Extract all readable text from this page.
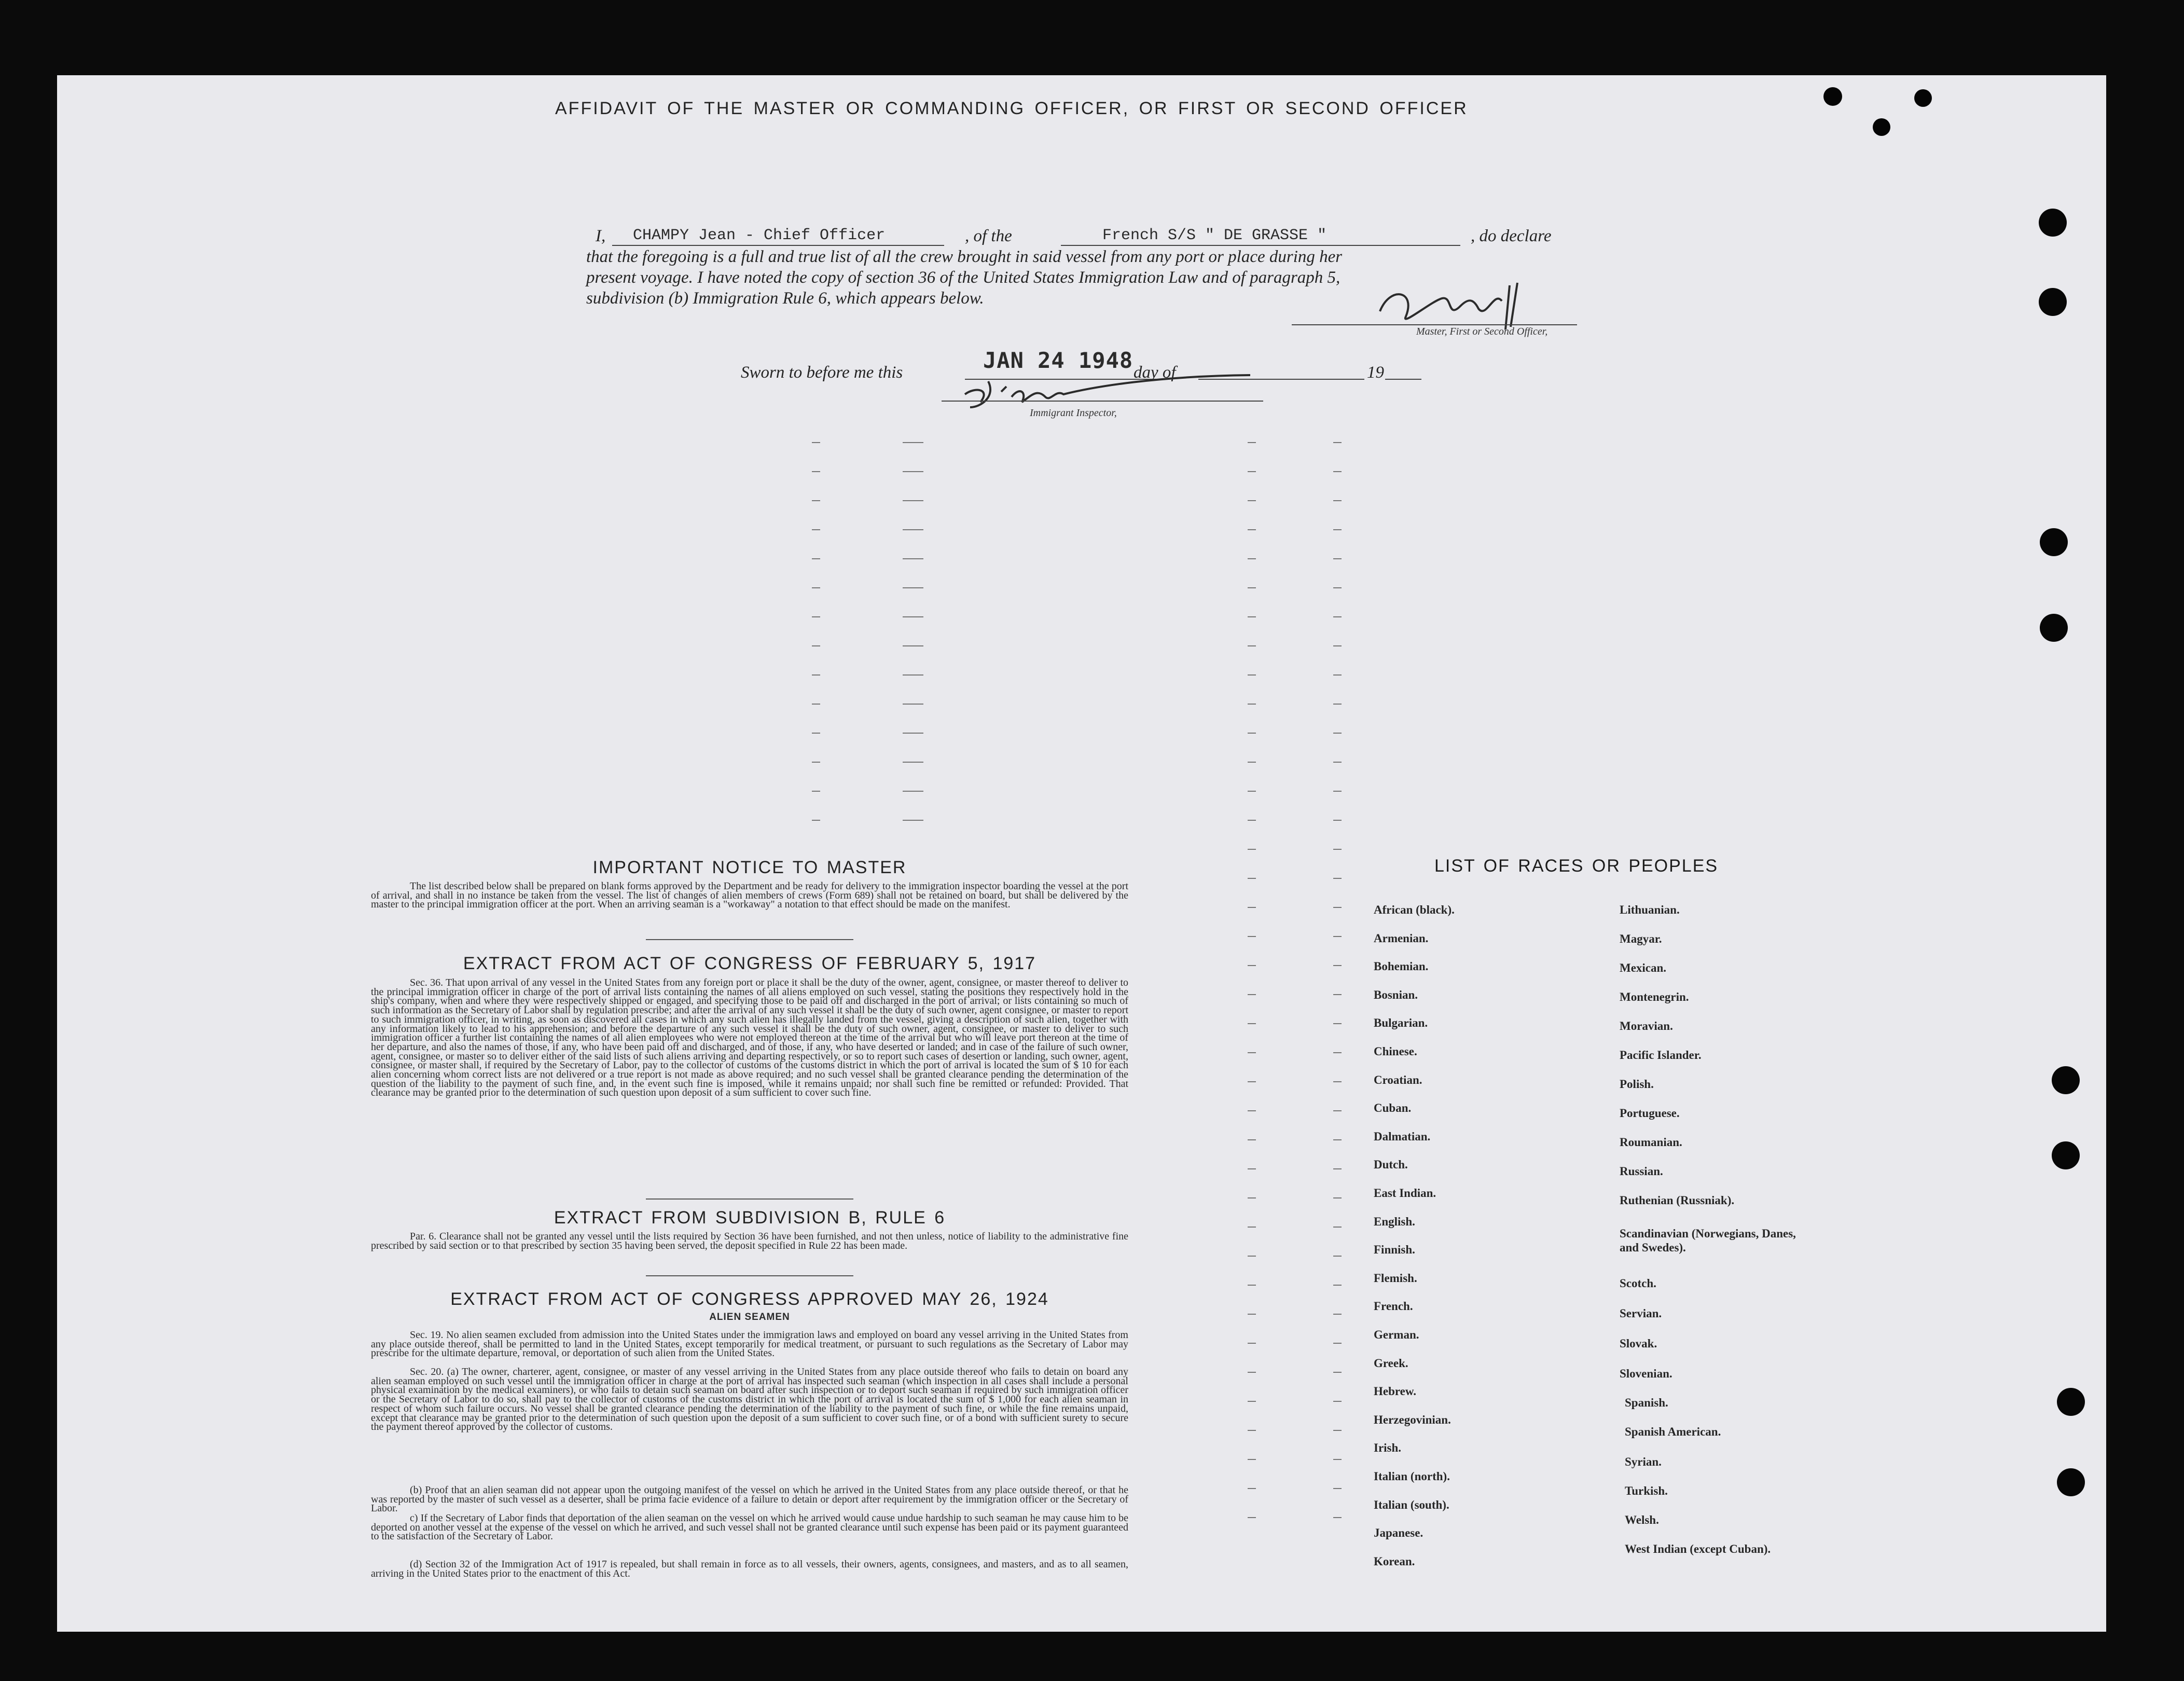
AFFIDAVIT OF THE MASTER OR COMMANDING OFFICER, OR FIRST OR SECOND OFFICER
I, CHAMPY Jean - Chief Officer	, of the	French S/S " DE GRASSE "	, do declare
that the foregoing is a full and true list of all the crew brought in said vessel from any port or place during her
present voyage. I have noted the copy of section 36 of the United States Immigration Law and of paragraph 5,
subdivision (b) Immigration Rule 6, which appears below.
Master, First or Second Officer,
Sworn to before me this	JAN 24 1948 day of	19
Immigrant Inspector,
IMPORTANT NOTICE TO MASTER
The list described below shall be prepared on blank forms approved by the Department and be ready for delivery to the immigration inspector boarding the vessel at the port of arrival, and shall in no instance be taken from the vessel. The list of changes of alien members of crews (Form 689) shall not be retained on board, but shall be delivered by the master to the principal immigration officer at the port. When an arriving seaman is a "workaway" a notation to that effect should be made on the manifest.
EXTRACT FROM ACT OF CONGRESS OF FEBRUARY 5, 1917
Sec. 36. That upon arrival of any vessel in the United States from any foreign port or place it shall be the duty of the owner, agent, consignee, or master thereof to deliver to the principal immigration officer in charge of the port of arrival lists containing the names of all aliens employed on such vessel, stating the positions they respectively hold in the ship's company, when and where they were respectively shipped or engaged, and specifying those to be paid off and discharged in the port of arrival; or lists containing so much of such information as the Secretary of Labor shall by regulation prescribe; and after the arrival of any such vessel it shall be the duty of such owner, agent consignee, or master to report to such immigration officer, in writing, as soon as discovered all cases in which any such alien has illegally landed from the vessel, giving a description of such alien, together with any information likely to lead to his apprehension; and before the departure of any such vessel it shall be the duty of such owner, agent, consignee, or master to deliver to such immigration officer a further list containing the names of all alien employees who were not employed thereon at the time of the arrival but who will leave port thereon at the time of her departure, and also the names of those, if any, who have been paid off and discharged, and of those, if any, who have deserted or landed; and in case of the failure of such owner, agent, consignee, or master so to deliver either of the said lists of such aliens arriving and departing respectively, or so to report such cases of desertion or landing, such owner, agent, consignee, or master shall, if required by the Secretary of Labor, pay to the collector of customs of the customs district in which the port of arrival is located the sum of $ 10 for each alien concerning whom correct lists are not delivered or a true report is not made as above required; and no such vessel shall be granted clearance pending the determination of the question of the liability to the payment of such fine, and, in the event such fine is imposed, while it remains unpaid; nor shall such fine be remitted or refunded: Provided. That clearance may be granted prior to the determination of such question upon deposit of a sum sufficient to cover such fine.
EXTRACT FROM SUBDIVISION B, RULE 6
Par. 6. Clearance shall not be granted any vessel until the lists required by Section 36 have been furnished, and not then unless, notice of liability to the administrative fine prescribed by said section or to that prescribed by section 35 having been served, the deposit specified in Rule 22 has been made.
EXTRACT FROM ACT OF CONGRESS APPROVED MAY 26, 1924
ALIEN SEAMEN
Sec. 19. No alien seamen excluded from admission into the United States under the immigration laws and employed on board any vessel arriving in the United States from any place outside thereof, shall be permitted to land in the United States, except temporarily for medical treatment, or pursuant to such regulations as the Secretary of Labor may prescribe for the ultimate departure, removal, or deportation of such alien from the United States.
Sec. 20. (a) The owner, charterer, agent, consignee, or master of any vessel arriving in the United States from any place outside thereof who fails to detain on board any alien seaman employed on such vessel until the immigration officer in charge at the port of arrival has inspected such seaman (which inspection in all cases shall include a personal physical examination by the medical examiners), or who fails to detain such seaman on board after such inspection or to deport such seaman if required by such immigration officer or the Secretary of Labor to do so, shall pay to the collector of customs of the customs district in which the port of arrival is located the sum of $ 1,000 for each alien seaman in respect of whom such failure occurs. No vessel shall be granted clearance pending the determination of the liability to the payment of such fine, or while the fine remains unpaid, except that clearance may be granted prior to the determination of such question upon the deposit of a sum sufficient to cover such fine, or of a bond with sufficient surety to secure the payment thereof approved by the collector of customs.
(b) Proof that an alien seaman did not appear upon the outgoing manifest of the vessel on which he arrived in the United States from any place outside thereof, or that he was reported by the master of such vessel as a deserter, shall be prima facie evidence of a failure to detain or deport after requirement by the immigration officer or the Secretary of Labor.
c) If the Secretary of Labor finds that deportation of the alien seaman on the vessel on which he arrived would cause undue hardship to such seaman he may cause him to be deported on another vessel at the expense of the vessel on which he arrived, and such vessel shall not be granted clearance until such expense has been paid or its payment guaranteed to the satisfaction of the Secretary of Labor.
(d) Section 32 of the Immigration Act of 1917 is repealed, but shall remain in force as to all vessels, their owners, agents, consignees, and masters, and as to all seamen, arriving in the United States prior to the enactment of this Act.
LIST OF RACES OR PEOPLES
African (black).
Armenian.
Bohemian.
Bosnian.
Bulgarian.
Chinese.
Croatian.
Cuban.
Dalmatian.
Dutch.
East Indian.
English.
Finnish.
Flemish.
French.
German.
Greek.
Hebrew.
Herzegovinian.
Irish.
Italian (north).
Italian (south).
Japanese.
Korean.
Lithuanian.
Magyar.
Mexican.
Montenegrin.
Moravian.
Pacific Islander.
Polish.
Portuguese.
Roumanian.
Russian.
Ruthenian (Russniak).
Scandinavian (Norwegians, Danes, and Swedes).
Scotch.
Servian.
Slovak.
Slovenian.
Spanish.
Spanish American.
Syrian.
Turkish.
Welsh.
West Indian (except Cuban).
